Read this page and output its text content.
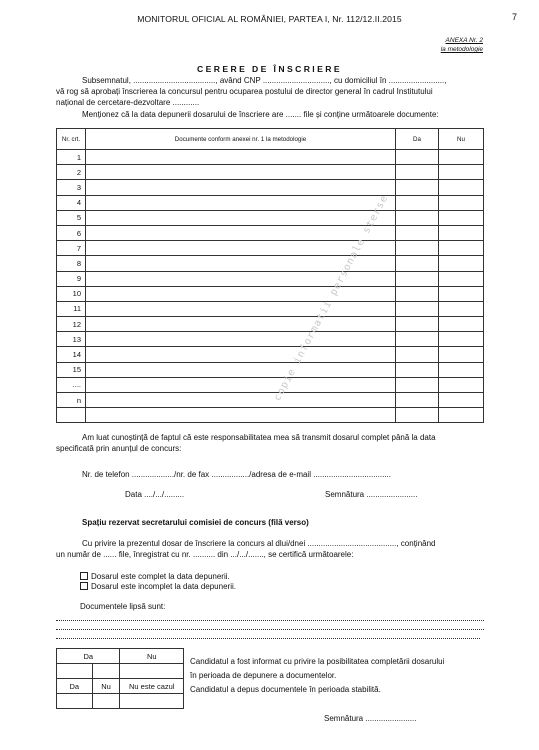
MONITORUL OFICIAL AL ROMÂNIEI, PARTEA I, Nr. 112/12.II.2015	7
ANEXA Nr. 2
la metodologie
CERERE DE ÎNSCRIERE
Subsemnatul, ....................................., având CNP .............................., cu domiciliul în .........................,
vă rog să aprobați înscrierea la concursul pentru ocuparea postului de director general în cadrul Institutului
național de cercetare-dezvoltare ............
Menționez că la data depunerii dosarului de înscriere are ....... file și conține următoarele documente:
Nr. crt.	Documente conform anexei nr. 1 la metodologie	Da	Nu
1			
2			
3			
4			
5			
6			
7			
8			
9			
10			
11			
12			
13			
14			
15			
....			
n			
				copie informatii personale sterse
Am luat cunoștință de faptul că este responsabilitatea mea să transmit dosarul complet până la data
specificată prin anunțul de concurs:
Nr. de telefon .................../nr. de fax ................./adresa de e-mail ...................................
Data ..../.../.........	Semnătura .......................
Spațiu rezervat secretarului comisiei de concurs (filă verso)
Cu privire la prezentul dosar de înscriere la concurs al dlui/dnei ........................................, conținând
un număr de ...... file, înregistrat cu nr. .......... din .../.../......., se certifică următoarele:
Dosarul este complet la data depunerii.
Dosarul este incomplet la data depunerii.
Documentele lipsă sunt:
Da		Nu

Da	Nu	Nu este cazul

Candidatul a fost informat cu privire la posibilitatea completării dosarului
în perioada de depunere a documentelor.
Candidatul a depus documentele în perioada stabilită.
Semnătura .......................
